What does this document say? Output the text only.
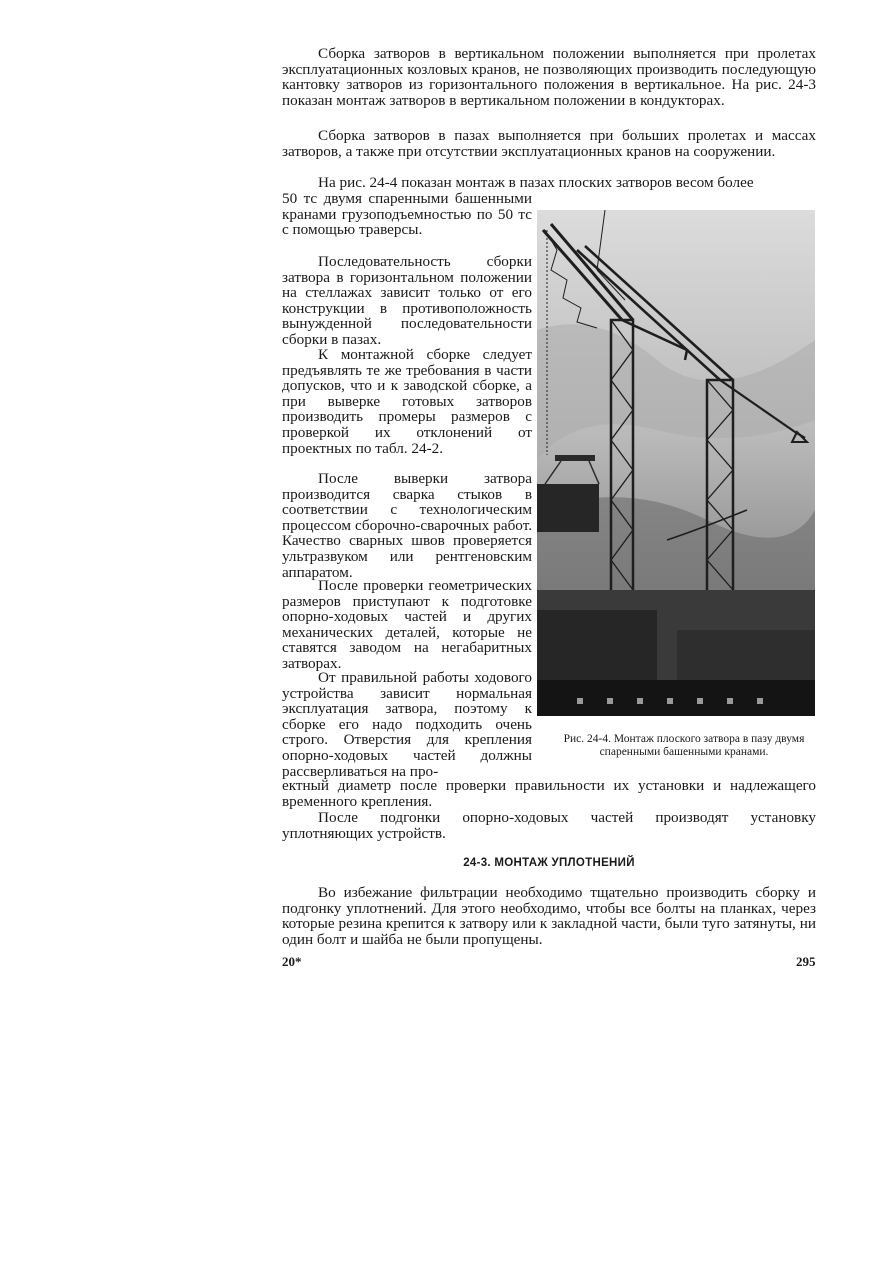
Сборка затворов в вертикальном положении выполняется при пролетах эксплуатационных козловых кранов, не позволяющих производить последующую кантовку затворов из горизонтального положения в вертикальное. На рис. 24-3 показан монтаж затворов в вертикальном положении в кондукторах.

Сборка затворов в пазах выполняется при больших пролетах и массах затворов, а также при отсутствии эксплуатационных кранов на сооружении.

На рис. 24-4 показан монтаж в пазах плоских затворов весом более

50 тс двумя спаренными башенными кранами грузоподъемностью по 50 тс с помощью траверсы.

Последовательность сборки затвора в горизонтальном положении на стеллажах зависит только от его конструкции в противоположность вынужденной последовательности сборки в пазах.

К монтажной сборке следует предъявлять те же требования в части допусков, что и к заводской сборке, а при выверке готовых затворов производить промеры размеров с проверкой их отклонений от проектных по табл. 24-2.

После выверки затвора производится сварка стыков в соответствии с технологическим процессом сборочно-сварочных работ. Качество сварных швов проверяется ультразвуком или рентгеновским аппаратом.

После проверки геометрических размеров приступают к подготовке опорно-ходовых частей и других механических деталей, которые не ставятся заводом на негабаритных затворах.

От правильной работы ходового устройства зависит нормальная эксплуатация затвора, поэтому к сборке его надо подходить очень строго. Отверстия для крепления опорно-ходовых частей должны рассверливаться на про-

ектный диаметр после проверки правильности их установки и надлежащего временного крепления.

После подгонки опорно-ходовых частей производят установку уплотняющих устройств.

Рис. 24-4. Монтаж плоского затвора в пазу двумя спаренными башенными кранами.

24-3. МОНТАЖ УПЛОТНЕНИЙ

Во избежание фильтрации необходимо тщательно производить сборку и подгонку уплотнений. Для этого необходимо, чтобы все болты на планках, через которые резина крепится к затвору или к закладной части, были туго затянуты, ни один болт и шайба не были пропущены.

20*	295
